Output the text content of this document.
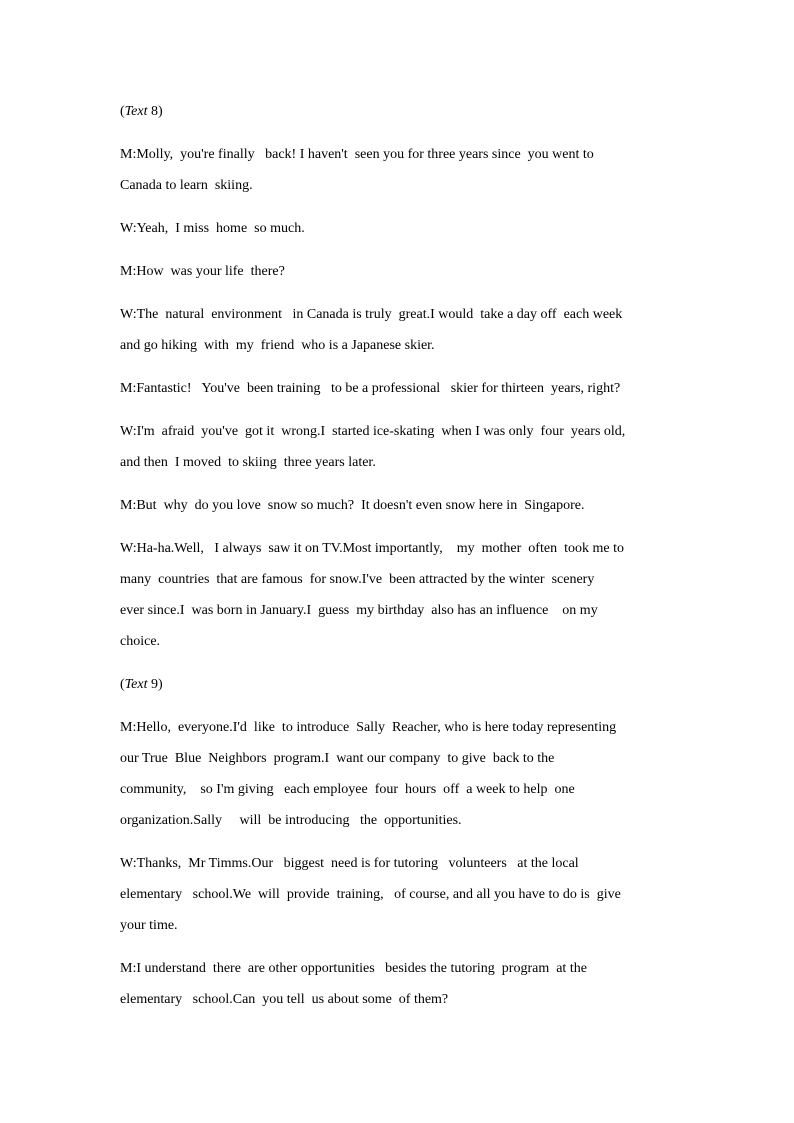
(Text 8)
M:Molly,  you're finally   back! I haven't  seen you for three years since  you went to
Canada to learn  skiing.
W:Yeah,  I miss  home  so much.
M:How  was your life  there?
W:The  natural  environment   in Canada is truly  great.I would  take a day off  each week
and go hiking  with  my  friend  who is a Japanese skier.
M:Fantastic!   You've  been training   to be a professional   skier for thirteen  years, right?
W:I'm  afraid  you've  got it  wrong.I  started ice-skating  when I was only  four  years old,
and then  I moved  to skiing  three years later.
M:But  why  do you love  snow so much?  It doesn't even snow here in  Singapore.
W:Ha-ha.Well,   I always  saw it on TV.Most importantly,    my  mother  often  took me to
many  countries  that are famous  for snow.I've  been attracted by the winter  scenery
ever since.I  was born in January.I  guess  my birthday  also has an influence    on my
choice.
(Text 9)
M:Hello,  everyone.I'd  like  to introduce  Sally  Reacher, who is here today representing
our True  Blue  Neighbors  program.I  want our company  to give  back to the
community,    so I'm giving   each employee  four  hours  off  a week to help  one
organization.Sally     will  be introducing   the  opportunities.
W:Thanks,  Mr Timms.Our   biggest  need is for tutoring   volunteers   at the local
elementary   school.We  will  provide  training,   of course, and all you have to do is  give
your time.
M:I understand  there  are other opportunities   besides the tutoring  program  at the
elementary   school.Can  you tell  us about some  of them?
